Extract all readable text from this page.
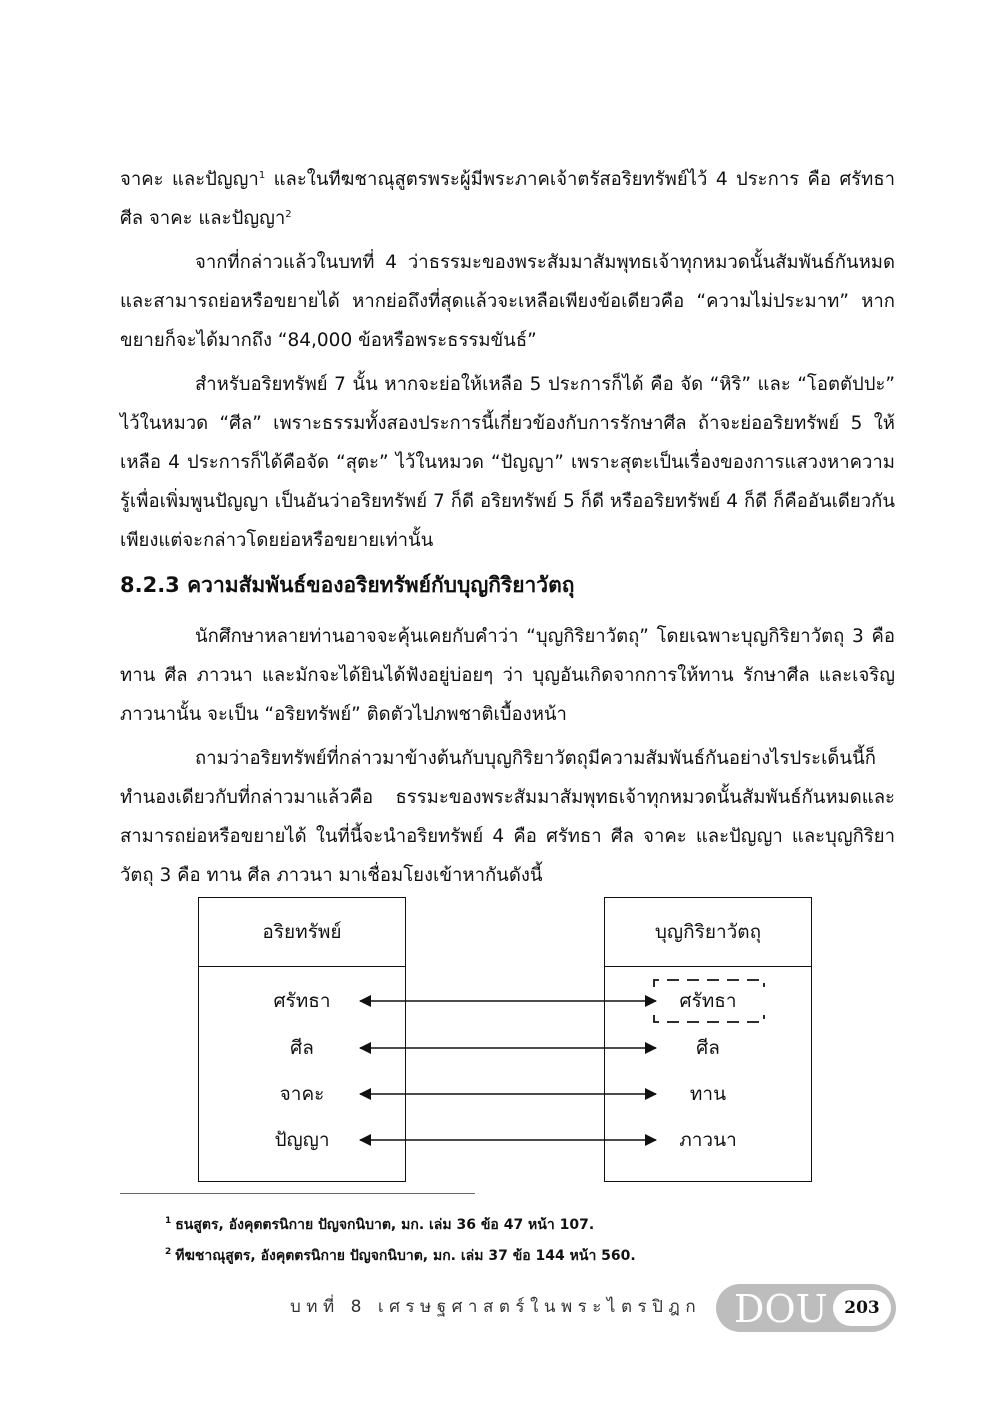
จาคะ และปัญญา$^1$ และในทีฆชาณุสูตรพระผู้มีพระภาคเจ้าตรัสอริยทรัพย์ไว้ 4 ประการ คือ ศรัทธา ศีล จาคะ และปัญญา$^2$
จากที่กล่าวแล้วในบทที่ 4 ว่าธรรมะของพระสัมมาสัมพุทธเจ้าทุกหมวดนั้นสัมพันธ์กันหมดและสามารถย่อหรือขยายได้ หากย่อถึงที่สุดแล้วจะเหลือเพียงข้อเดียวคือ “ความไม่ประมาท” หากขยายก็จะได้มากถึง “84,000 ข้อหรือพระธรรมขันธ์”
สำหรับอริยทรัพย์ 7 นั้น หากจะย่อให้เหลือ 5 ประการก็ได้ คือ จัด “หิริ” และ “โอตตัปปะ” ไว้ในหมวด “ศีล” เพราะธรรมทั้งสองประการนี้เกี่ยวข้องกับการรักษาศีล ถ้าจะย่ออริยทรัพย์ 5 ให้เหลือ 4 ประการก็ได้คือจัด “สุตะ” ไว้ในหมวด “ปัญญา” เพราะสุตะเป็นเรื่องของการแสวงหาความรู้เพื่อเพิ่มพูนปัญญา เป็นอันว่าอริยทรัพย์ 7 ก็ดี อริยทรัพย์ 5 ก็ดี หรืออริยทรัพย์ 4 ก็ดี ก็คืออันเดียวกันเพียงแต่จะกล่าวโดยย่อหรือขยายเท่านั้น
8.2.3 ความสัมพันธ์ของอริยทรัพย์กับบุญกิริยาวัตถุ
นักศึกษาหลายท่านอาจจะคุ้นเคยกับคำว่า “บุญกิริยาวัตถุ” โดยเฉพาะบุญกิริยาวัตถุ 3 คือ ทาน ศีล ภาวนา และมักจะได้ยินได้ฟังอยู่บ่อยๆ ว่า บุญอันเกิดจากการให้ทาน รักษาศีล และเจริญภาวนานั้น จะเป็น “อริยทรัพย์” ติดตัวไปภพชาติเบื้องหน้า
ถามว่าอริยทรัพย์ที่กล่าวมาข้างต้นกับบุญกิริยาวัตถุมีความสัมพันธ์กันอย่างไรประเด็นนี้ก็ทำนองเดียวกับที่กล่าวมาแล้วคือ ธรรมะของพระสัมมาสัมพุทธเจ้าทุกหมวดนั้นสัมพันธ์กันหมดและสามารถย่อหรือขยายได้ ในที่นี้จะนำอริยทรัพย์ 4 คือ ศรัทธา ศีล จาคะ และปัญญา และบุญกิริยาวัตถุ 3 คือ ทาน ศีล ภาวนา มาเชื่อมโยงเข้าหากันดังนี้
อริยทรัพย์	บุญกิริยาวัตถุ
ศรัทธา
ศีล
จาคะ
ปัญญา
ศรัทธา
ศีล
ทาน
ภาวนา
$^1$ ธนสูตร, อังคุตตรนิกาย ปัญจกนิบาต, มก. เล่ม 36 ข้อ 47 หน้า 107.
$^2$ ทีฆชาณุสูตร, อังคุตตรนิกาย ปัญจกนิบาต, มก. เล่ม 37 ข้อ 144 หน้า 560.
บทที่ 8 เศรษฐศาสตร์ในพระไตรปิฎก DOU 203
